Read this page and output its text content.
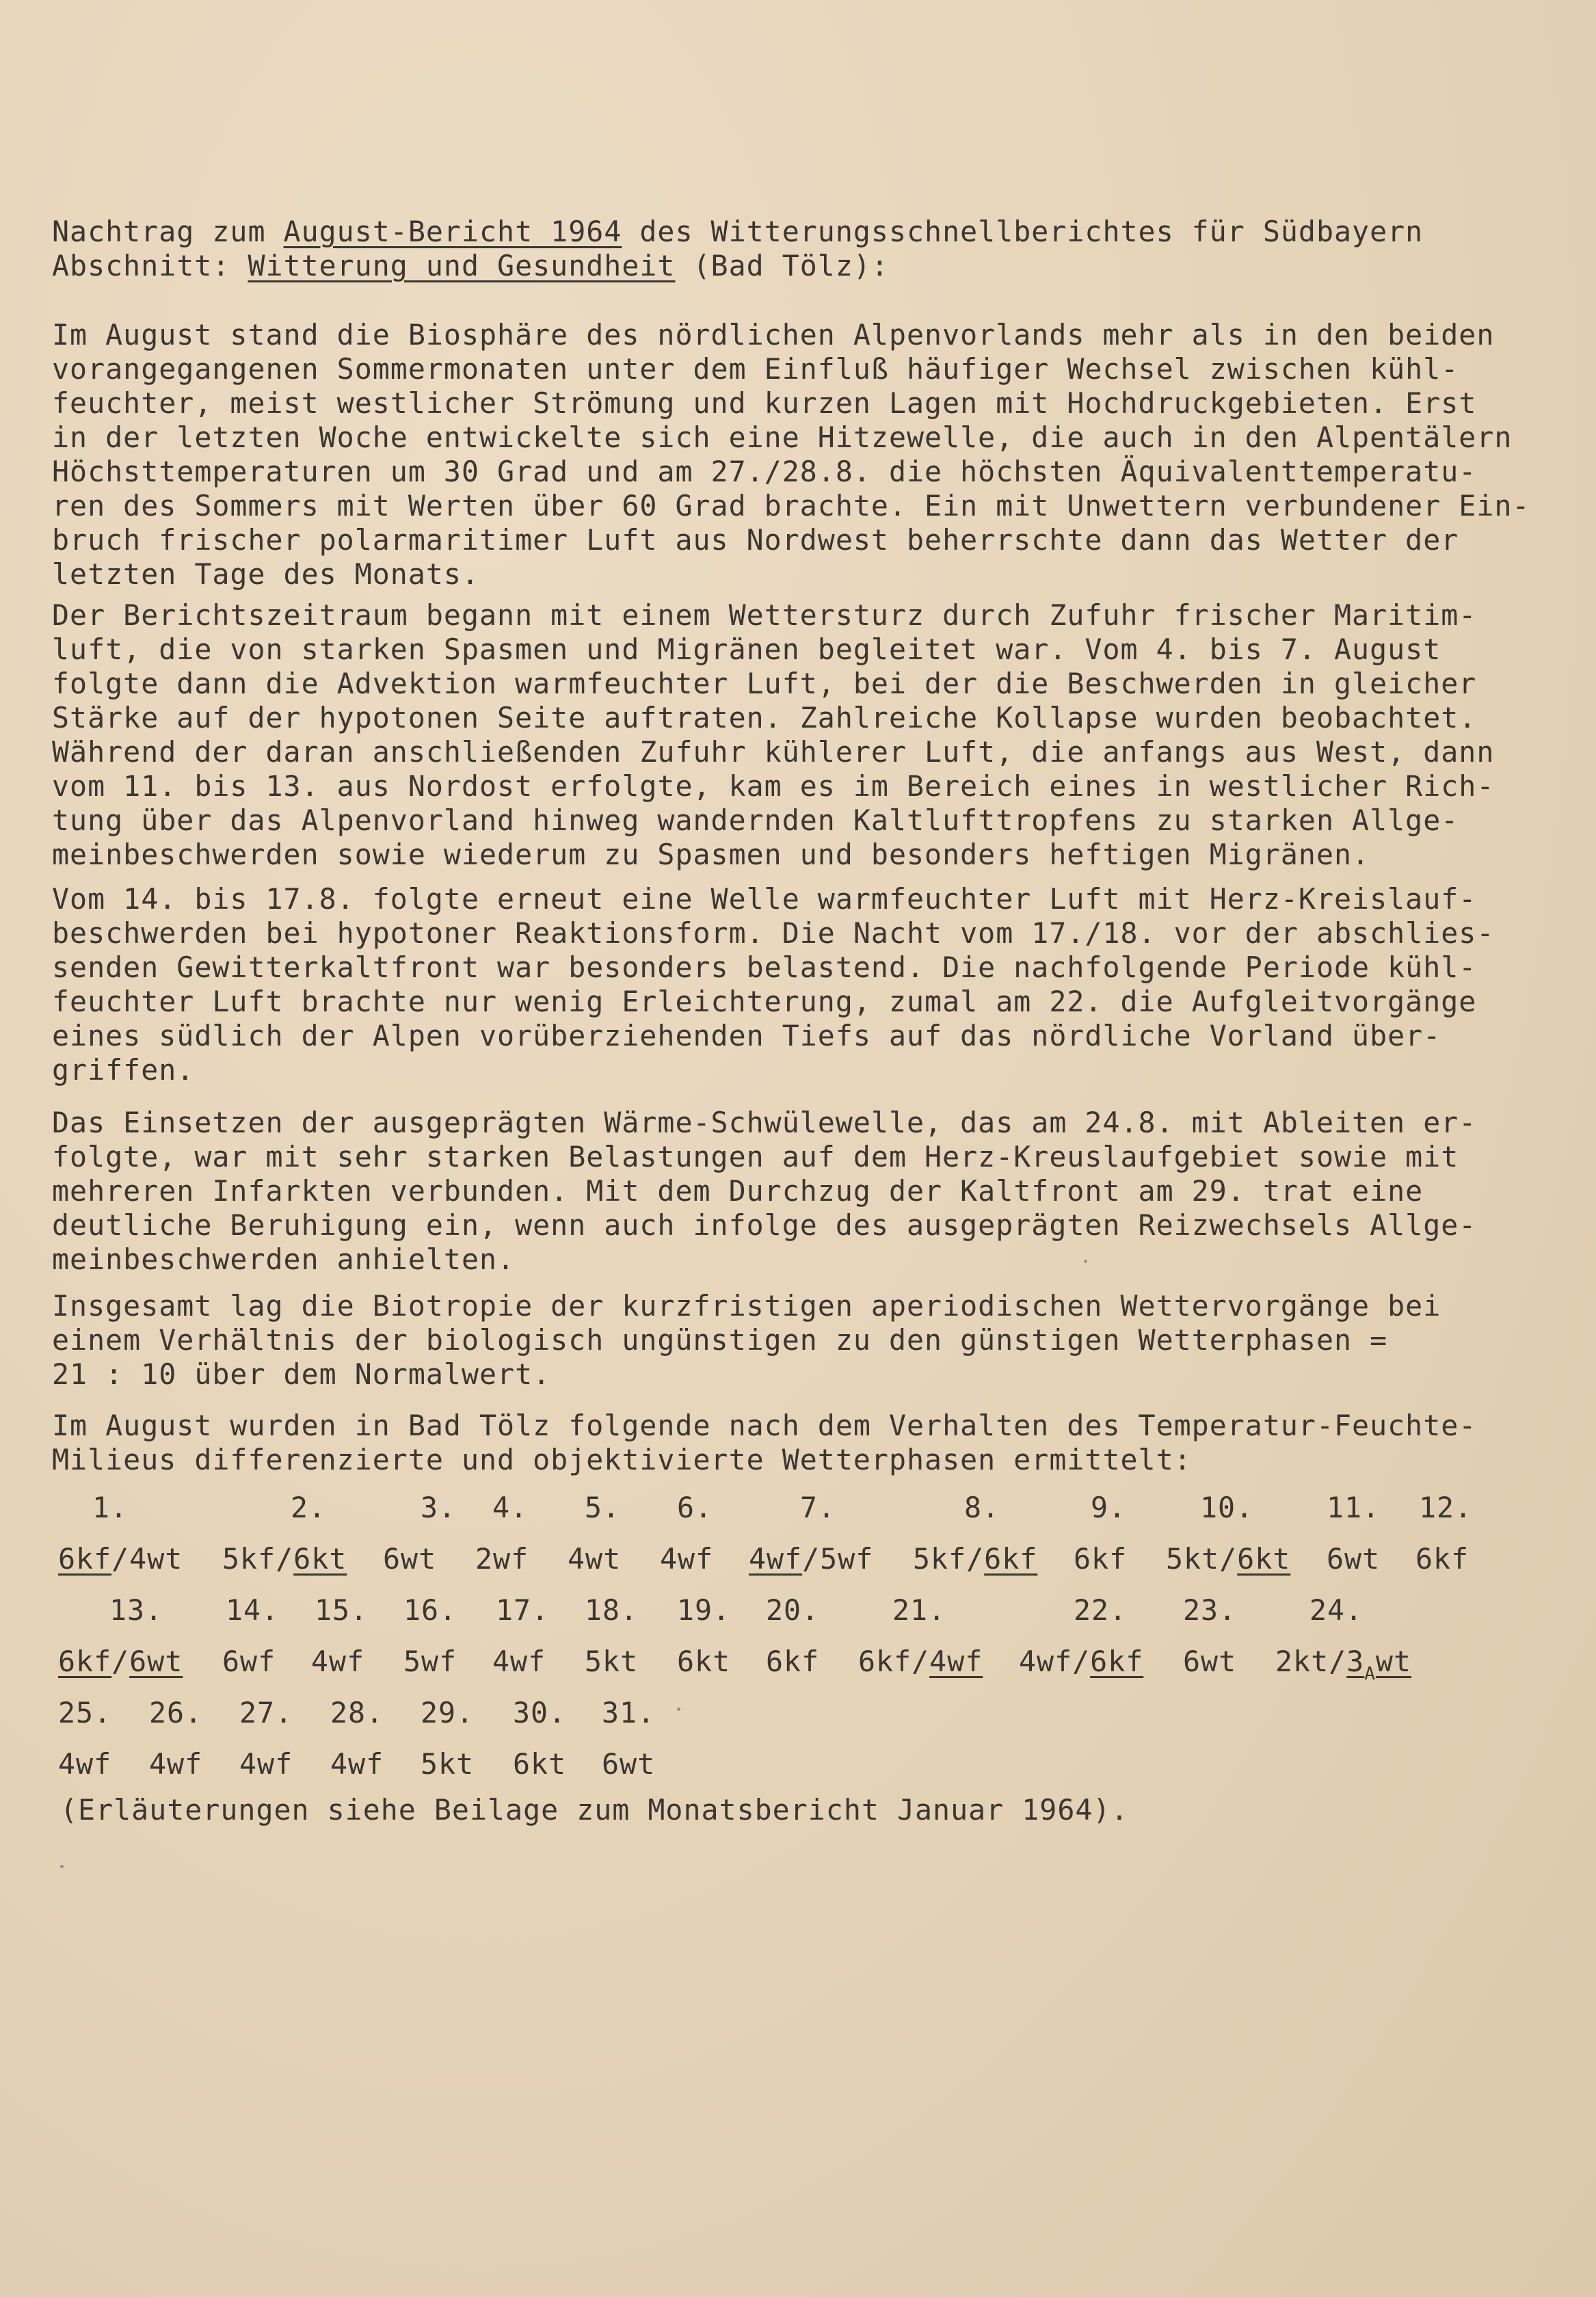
Nachtrag zum August-Bericht 1964 des Witterungsschnellberichtes für Südbayern
Abschnitt: Witterung und Gesundheit (Bad Tölz):
Im August stand die Biosphäre des nördlichen Alpenvorlands mehr als in den beiden
vorangegangenen Sommermonaten unter dem Einfluß häufiger Wechsel zwischen kühl-
feuchter, meist westlicher Strömung und kurzen Lagen mit Hochdruckgebieten. Erst
in der letzten Woche entwickelte sich eine Hitzewelle, die auch in den Alpentälern
Höchsttemperaturen um 30 Grad und am 27./28.8. die höchsten Äquivalenttemperatu-
ren des Sommers mit Werten über 60 Grad brachte. Ein mit Unwettern verbundener Ein-
bruch frischer polarmaritimer Luft aus Nordwest beherrschte dann das Wetter der
letzten Tage des Monats.
Der Berichtszeitraum begann mit einem Wettersturz durch Zufuhr frischer Maritim-
luft, die von starken Spasmen und Migränen begleitet war. Vom 4. bis 7. August
folgte dann die Advektion warmfeuchter Luft, bei der die Beschwerden in gleicher
Stärke auf der hypotonen Seite auftraten. Zahlreiche Kollapse wurden beobachtet.
Während der daran anschließenden Zufuhr kühlerer Luft, die anfangs aus West, dann
vom 11. bis 13. aus Nordost erfolgte, kam es im Bereich eines in westlicher Rich-
tung über das Alpenvorland hinweg wandernden Kaltlufttropfens zu starken Allge-
meinbeschwerden sowie wiederum zu Spasmen und besonders heftigen Migränen.
Vom 14. bis 17.8. folgte erneut eine Welle warmfeuchter Luft mit Herz-Kreislauf-
beschwerden bei hypotoner Reaktionsform. Die Nacht vom 17./18. vor der abschlies-
senden Gewitterkaltfront war besonders belastend. Die nachfolgende Periode kühl-
feuchter Luft brachte nur wenig Erleichterung, zumal am 22. die Aufgleitvorgänge
eines südlich der Alpen vorüberziehenden Tiefs auf das nördliche Vorland über-
griffen.
Das Einsetzen der ausgeprägten Wärme-Schwülewelle, das am 24.8. mit Ableiten er-
folgte, war mit sehr starken Belastungen auf dem Herz-Kreuslaufgebiet sowie mit
mehreren Infarkten verbunden. Mit dem Durchzug der Kaltfront am 29. trat eine
deutliche Beruhigung ein, wenn auch infolge des ausgeprägten Reizwechsels Allge-
meinbeschwerden anhielten.
Insgesamt lag die Biotropie der kurzfristigen aperiodischen Wettervorgänge bei
einem Verhältnis der biologisch ungünstigen zu den günstigen Wetterphasen =
21 : 10 über dem Normalwert.
Im August wurden in Bad Tölz folgende nach dem Verhalten des Temperatur-Feuchte-
Milieus differenzierte und objektivierte Wetterphasen ermittelt:
1.	2.	3. 4. 5. 6.	7.	8.	9.	10.	11. 12.
6kf/4wt 5kf/6kt 6wt 2wf 4wt 4wf 4wf/5wf 5kf/6kf 6kf 5kt/6kt 6wt 6kf
13. 14. 15. 16. 17. 18. 19. 20.	21.	22. 23.	24.
6kf/6wt 6wf 4wf 5wf 4wf 5kt 6kt 6kf 6kf/4wf 4wf/6kf 6wt $2kt/3_Awt$
25. 26. 27. 28. 29. 30. 31.
4wf 4wf 4wf 4wf 5kt 6kt 6wt
(Erläuterungen siehe Beilage zum Monatsbericht Januar 1964).
